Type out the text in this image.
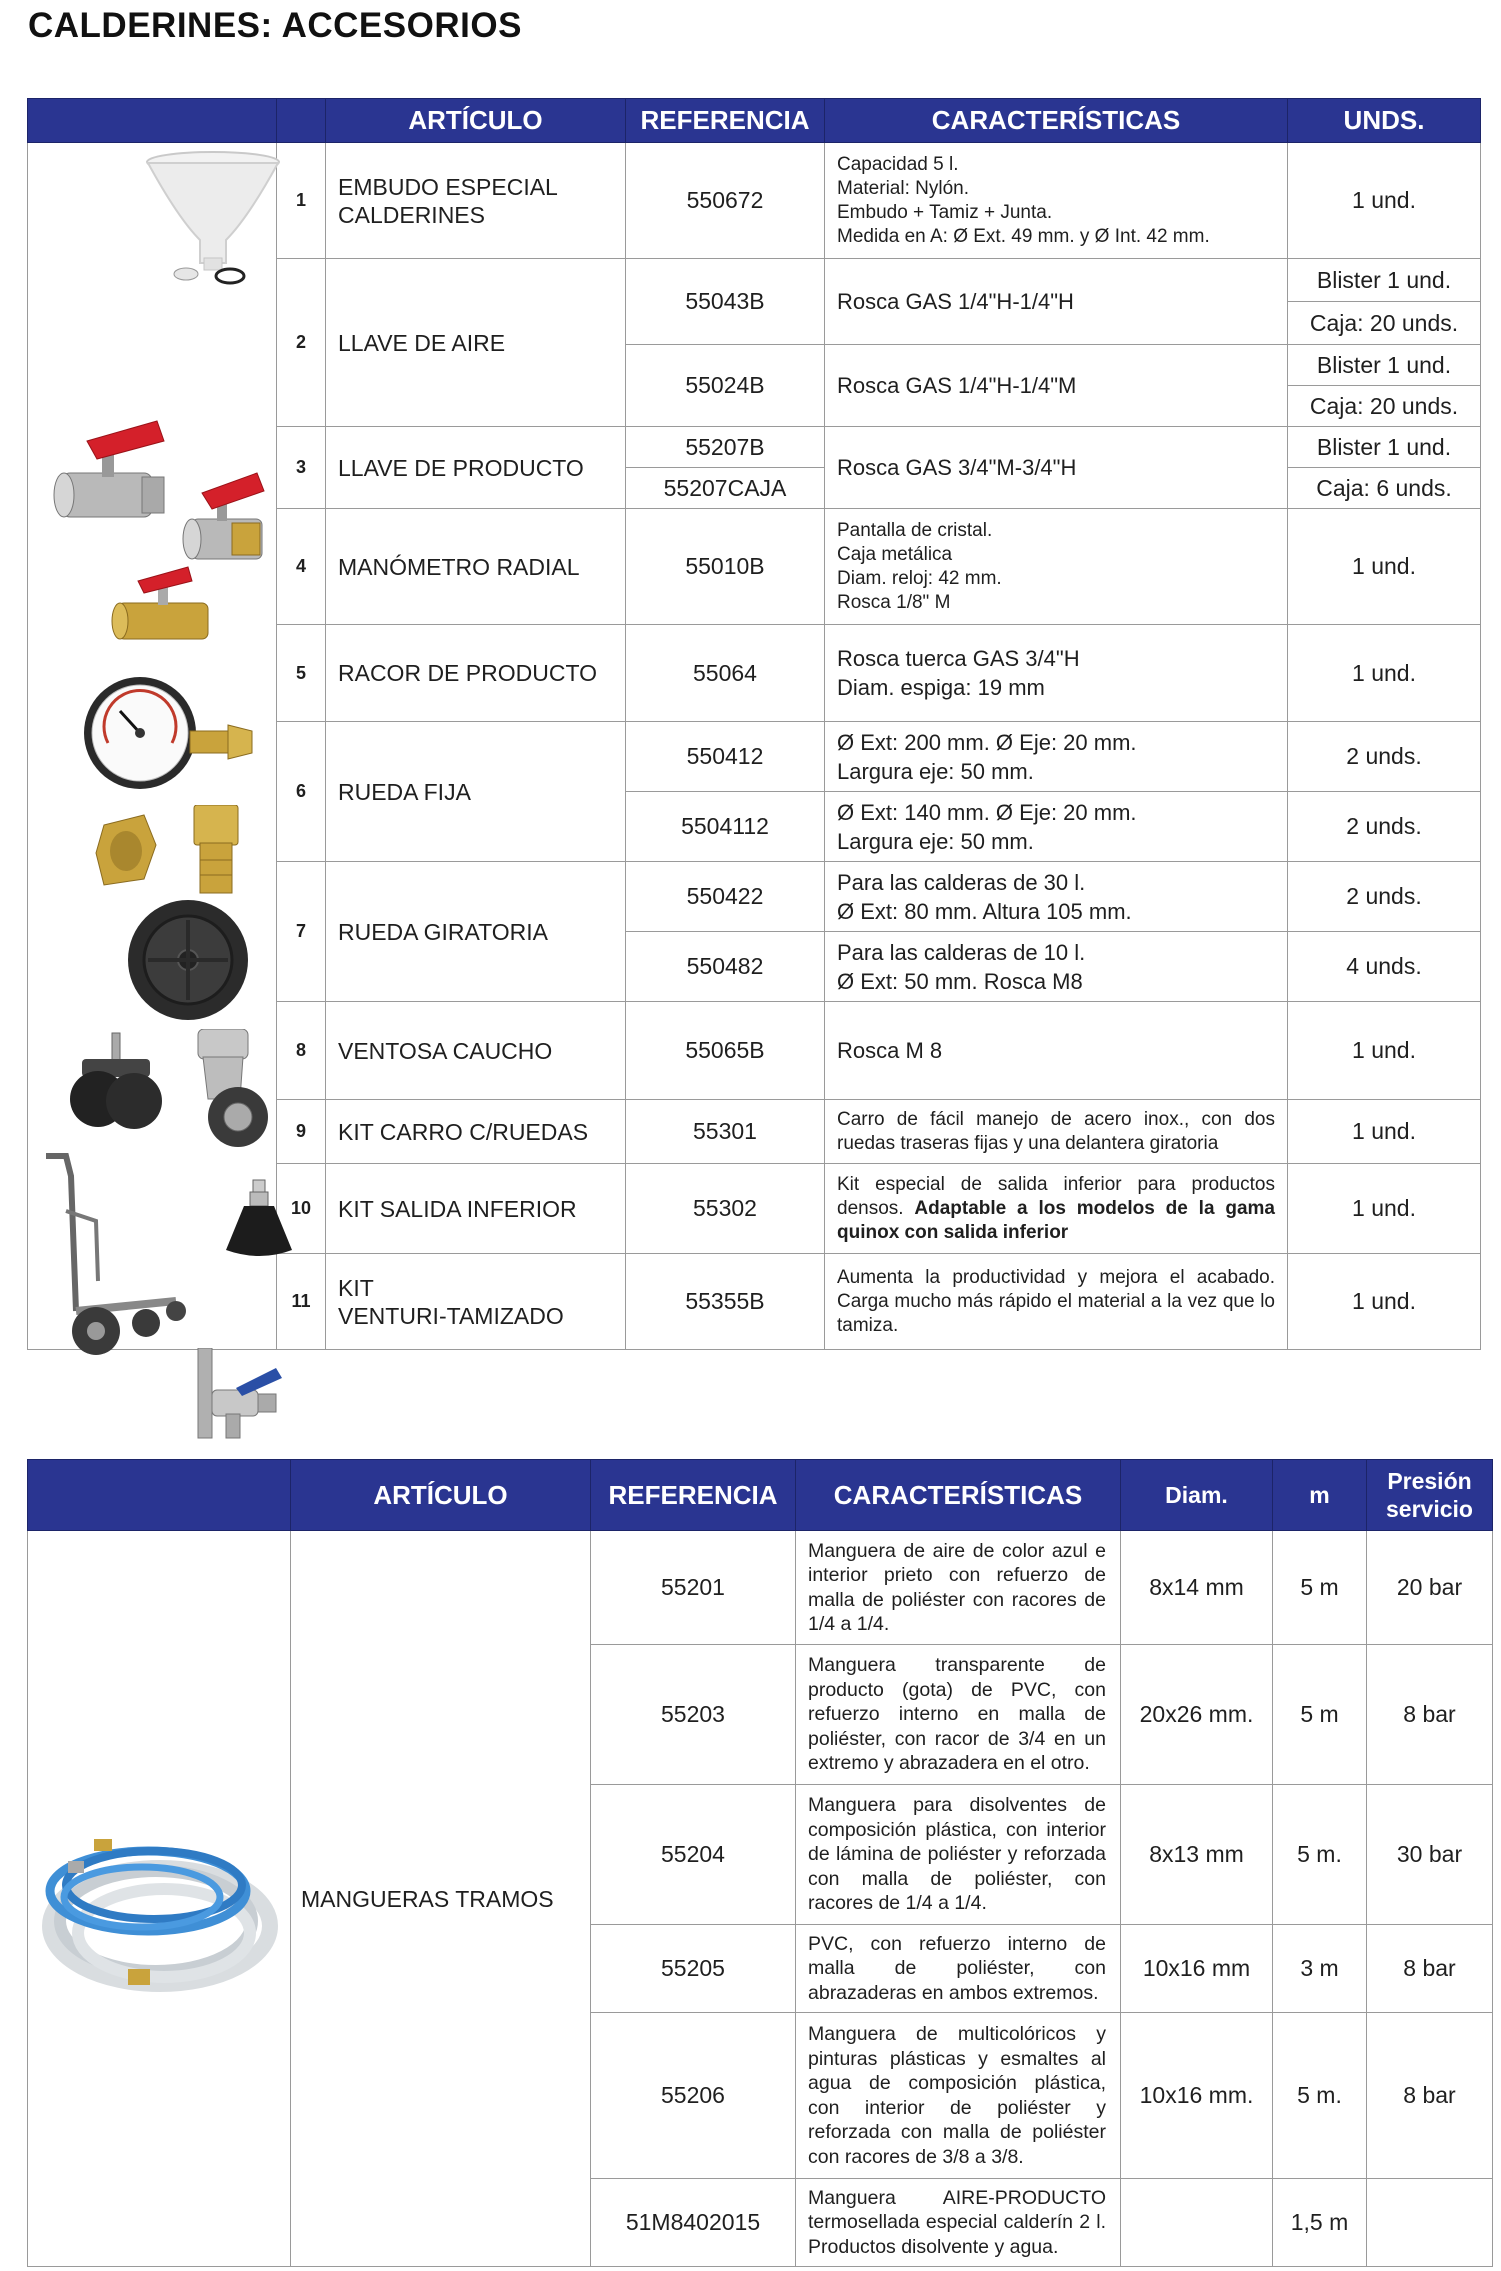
CALDERINES: ACCESORIOS
		ARTÍCULO	REFERENCIA	CARACTERÍSTICAS	UNDS.

	1	EMBUDO ESPECIAL CALDERINES	550672	Capacidad 5 l.
Material: Nylón.
Embudo + Tamiz + Junta.
Medida en A: Ø Ext. 49 mm. y Ø Int. 42 mm.	1 und.
	2	LLAVE DE AIRE	55043B	Rosca GAS 1/4"H-1/4"H	Blister 1 und.
					Caja: 20 unds.
			55024B	Rosca GAS 1/4"H-1/4"M	Blister 1 und.
					Caja: 20 unds.
	3	LLAVE DE PRODUCTO	55207B	Rosca GAS 3/4"M-3/4"H	Blister 1 und.
			55207CAJA		Caja: 6 unds.
	4	MANÓMETRO RADIAL	55010B	Pantalla de cristal.
Caja metálica
Diam. reloj: 42 mm.
Rosca 1/8" M	1 und.
	5	RACOR DE PRODUCTO	55064	Rosca tuerca GAS 3/4"H
Diam. espiga: 19 mm	1 und.
	6	RUEDA FIJA	550412	Ø Ext: 200 mm. Ø Eje: 20 mm.
Largura eje: 50 mm.	2 unds.
			5504112	Ø Ext: 140 mm. Ø Eje: 20 mm.
Largura eje: 50 mm.	2 unds.
	7	RUEDA GIRATORIA	550422	Para las calderas de 30 l.
Ø Ext: 80 mm. Altura 105 mm.	2 unds.
			550482	Para las calderas de 10 l.
Ø Ext: 50 mm. Rosca M8	4 unds.
	8	VENTOSA CAUCHO	55065B	Rosca M 8	1 und.
	9	KIT CARRO C/RUEDAS	55301	Carro de fácil manejo de acero inox., con dos ruedas traseras fijas y una delantera giratoria	1 und.
	10	KIT SALIDA INFERIOR	55302	Kit especial de salida inferior para productos densos. Adaptable a los modelos de la gama quinox con salida inferior	1 und.
	11	KIT
VENTURI-TAMIZADO	55355B	Aumenta la productividad y mejora el acabado. Carga mucho más rápido el material a la vez que lo tamiza.	1 und.
	ARTÍCULO	REFERENCIA	CARACTERÍSTICAS	Diam.	m	Presión
servicio

	MANGUERAS TRAMOS	55201	Manguera de aire de color azul e interior prieto con refuerzo de malla de poliéster con racores de 1/4 a 1/4.	8x14 mm	5 m	20 bar
		55203	Manguera transparente de producto (gota) de PVC, con refuerzo interno en malla de poliéster, con racor de 3/4 en un extremo y abrazadera en el otro.	20x26 mm.	5 m	8 bar
		55204	Manguera para disolventes de composición plástica, con interior de lámina de poliéster y reforzada con malla de poliéster, con racores de 1/4 a 1/4.	8x13 mm	5 m.	30 bar
		55205	PVC, con refuerzo interno de malla de poliéster, con abrazaderas en ambos extremos.	10x16 mm	3 m	8 bar
		55206	Manguera de multicolóricos y pinturas plásticas y esmaltes al agua de composición plástica, con interior de poliéster y reforzada con malla de poliéster con racores de 3/8 a 3/8.	10x16 mm.	5 m.	8 bar
		51M8402015	Manguera AIRE-PRODUCTO termosellada especial calderín 2 l. Productos disolvente y agua.		1,5 m	
